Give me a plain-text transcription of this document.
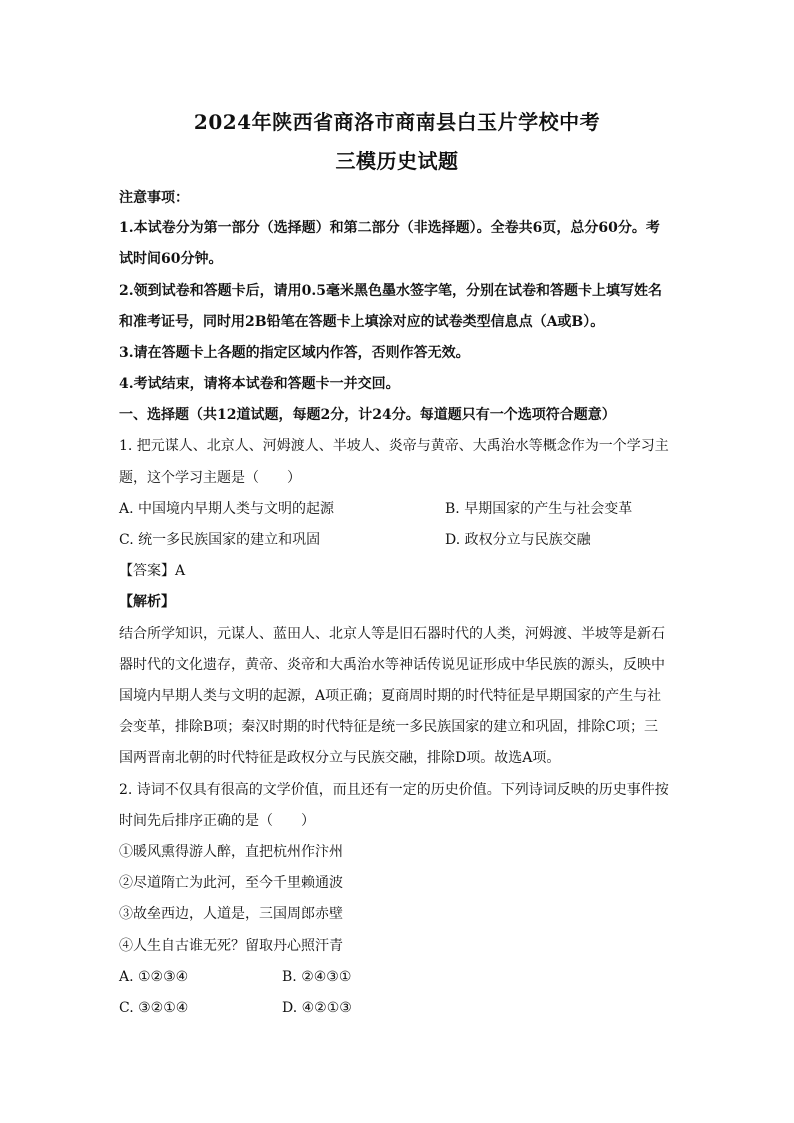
2024年陕西省商洛市商南县白玉片学校中考
三模历史试题
注意事项：
1.本试卷分为第一部分（选择题）和第二部分（非选择题）。全卷共6页，总分60分。考
试时间60分钟。
2.领到试卷和答题卡后，请用0.5毫米黑色墨水签字笔，分别在试卷和答题卡上填写姓名
和准考证号，同时用2B铅笔在答题卡上填涂对应的试卷类型信息点（A或B）。
3.请在答题卡上各题的指定区域内作答，否则作答无效。
4.考试结束，请将本试卷和答题卡一并交回。
一、选择题（共12道试题，每题2分，计24分。每道题只有一个选项符合题意）
1. 把元谋人、北京人、河姆渡人、半坡人、炎帝与黄帝、大禹治水等概念作为一个学习主
题，这个学习主题是（　　）
A. 中国境内早期人类与文明的起源	B. 早期国家的产生与社会变革
C. 统一多民族国家的建立和巩固	D. 政权分立与民族交融
【答案】A
【解析】
结合所学知识，元谋人、蓝田人、北京人等是旧石器时代的人类，河姆渡、半坡等是新石
器时代的文化遗存，黄帝、炎帝和大禹治水等神话传说见证形成中华民族的源头，反映中
国境内早期人类与文明的起源，A项正确；夏商周时期的时代特征是早期国家的产生与社
会变革，排除B项；秦汉时期的时代特征是统一多民族国家的建立和巩固，排除C项；三
国两晋南北朝的时代特征是政权分立与民族交融，排除D项。故选A项。
2. 诗词不仅具有很高的文学价值，而且还有一定的历史价值。下列诗词反映的历史事件按
时间先后排序正确的是（　　）
①暖风熏得游人醉，直把杭州作汴州
②尽道隋亡为此河，至今千里赖通波
③故垒西边，人道是，三国周郎赤壁
④人生自古谁无死？留取丹心照汗青
A. ①②③④	B. ②④③①
C. ③②①④	D. ④②①③
